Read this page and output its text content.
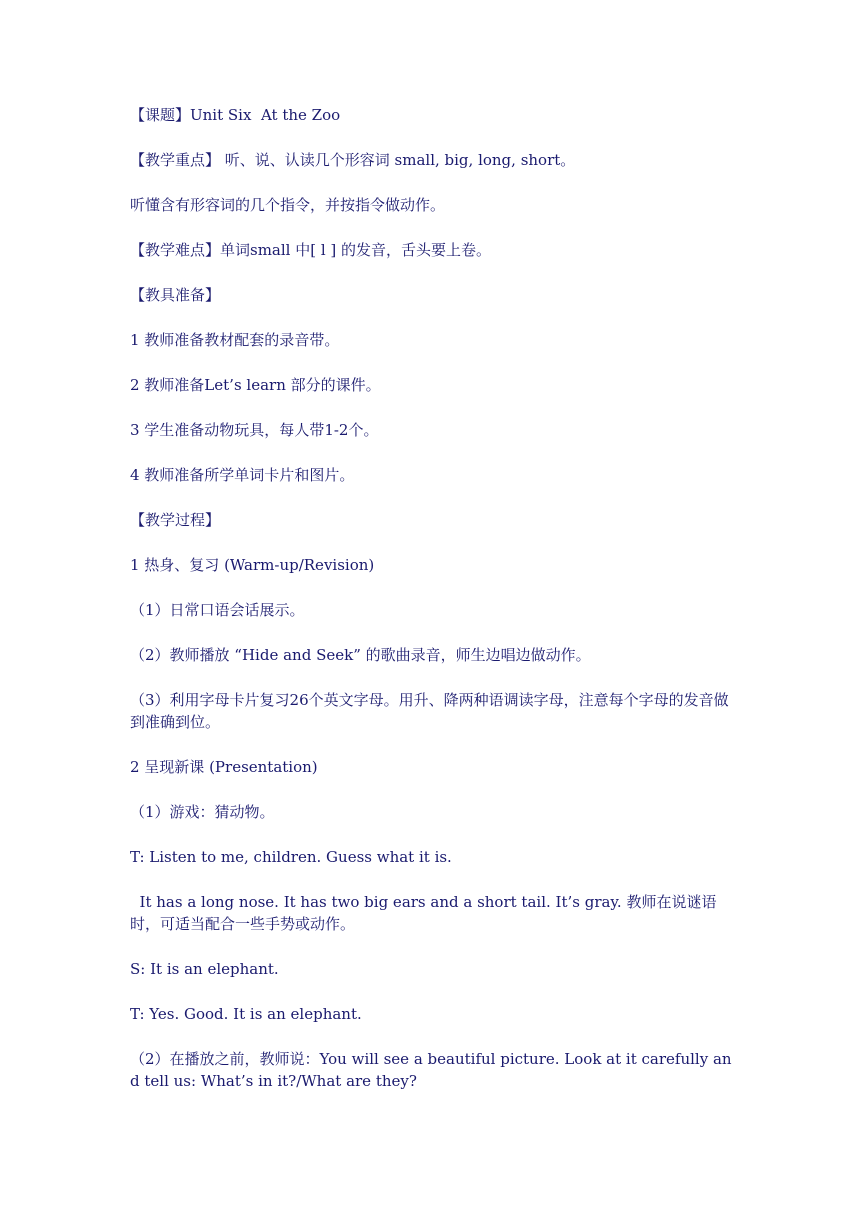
【课题】Unit Six  At the Zoo

【教学重点】 听、说、认读几个形容词 small, big, long, short。

听懂含有形容词的几个指令，并按指令做动作。

【教学难点】单词small 中[ l ] 的发音，舌头要上卷。

【教具准备】

1 教师准备教材配套的录音带。

2 教师准备Let’s learn 部分的课件。

3 学生准备动物玩具，每人带1-2个。

4 教师准备所学单词卡片和图片。

【教学过程】

1 热身、复习 (Warm-up/Revision)

（1）日常口语会话展示。

（2）教师播放 “Hide and Seek” 的歌曲录音，师生边唱边做动作。

（3）利用字母卡片复习26个英文字母。用升、降两种语调读字母，注意每个字母的发音做到准确到位。

2 呈现新课 (Presentation)

（1）游戏：猜动物。

T: Listen to me, children. Guess what it is.

It has a long nose. It has two big ears and a short tail. It’s gray. 教师在说谜语时，可适当配合一些手势或动作。

S: It is an elephant.

T: Yes. Good. It is an elephant.

（2）在播放之前，教师说：You will see a beautiful picture. Look at it carefully and tell us: What’s in it?/What are they?
